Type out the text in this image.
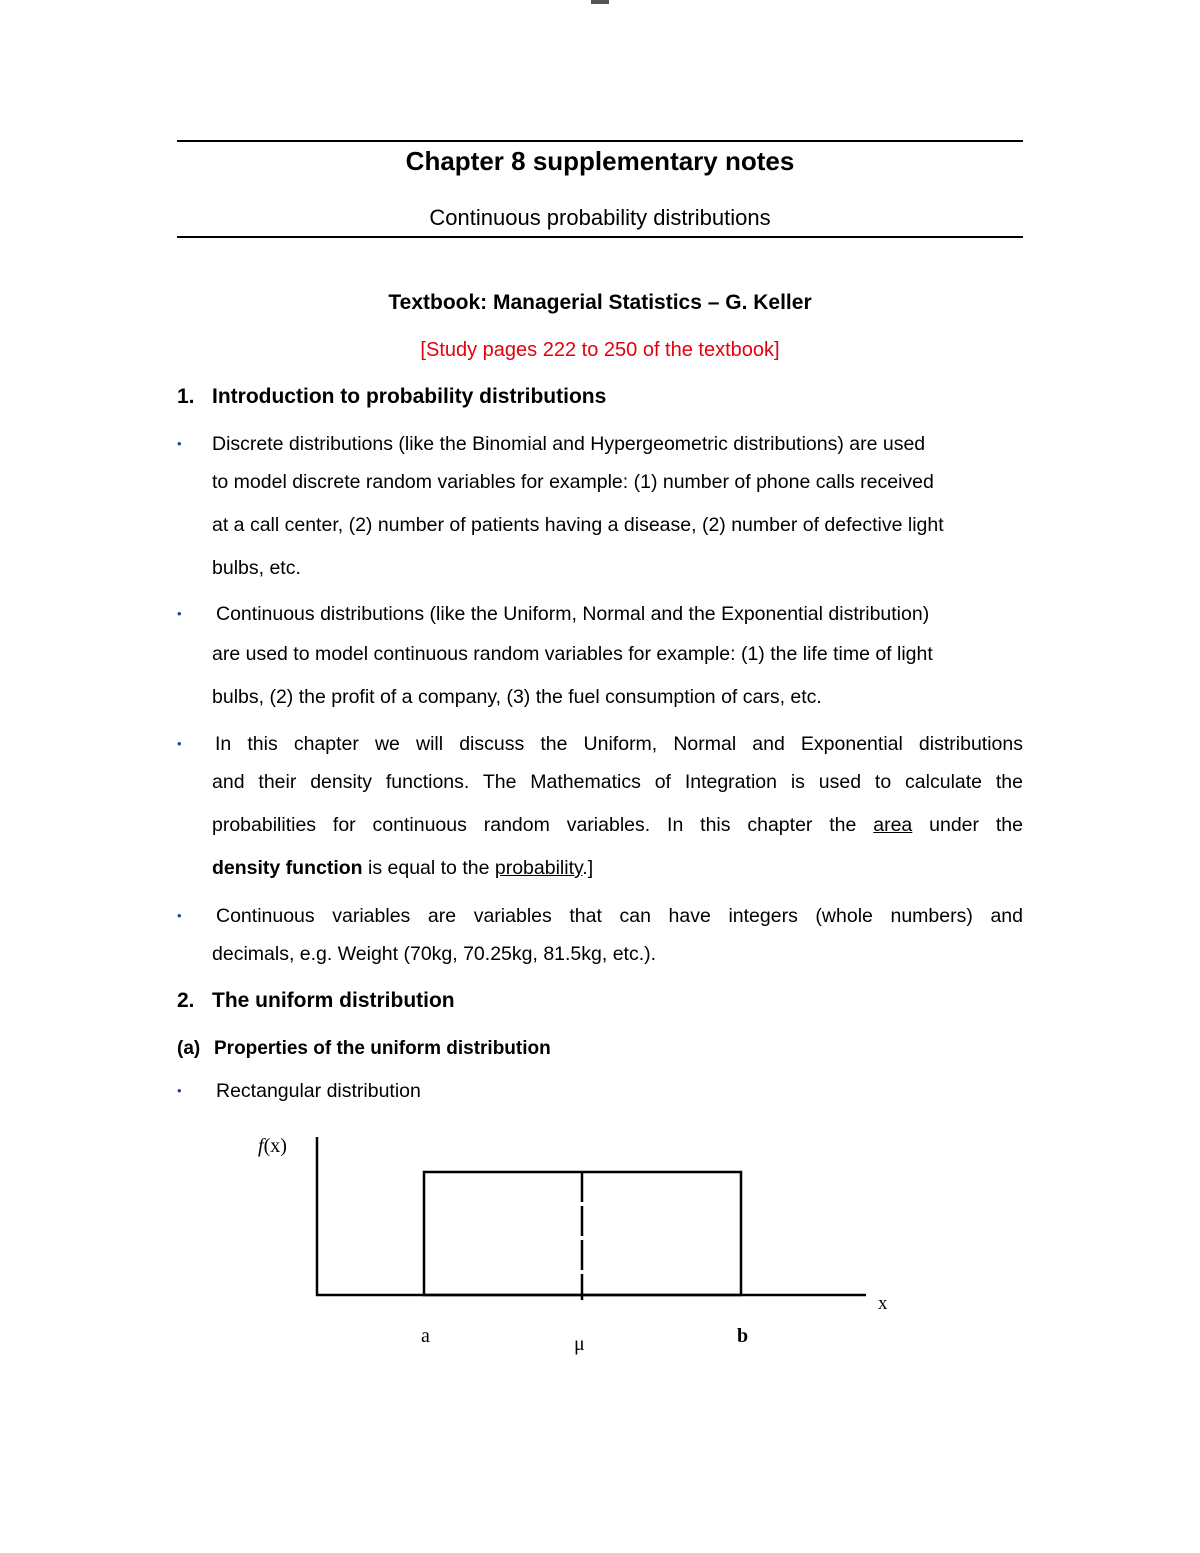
Chapter 8 supplementary notes
Continuous probability distributions
Textbook: Managerial Statistics – G. Keller
[Study pages 222 to 250 of the textbook]
1. Introduction to probability distributions
• Discrete distributions (like the Binomial and Hypergeometric distributions) are used
to model discrete random variables for example: (1) number of phone calls received
at a call center, (2) number of patients having a disease, (2) number of defective light
bulbs, etc.
• Continuous distributions (like the Uniform, Normal and the Exponential distribution)
are used to model continuous random variables for example: (1) the life time of light
bulbs, (2) the profit of a company, (3) the fuel consumption of cars, etc.
• In this chapter we will discuss the Uniform, Normal and Exponential distributions
and their density functions. The Mathematics of Integration is used to calculate the
probabilities for continuous random variables. In this chapter the area under the
density function is equal to the probability.]
• Continuous variables are variables that can have integers (whole numbers) and
decimals, e.g. Weight (70kg, 70.25kg, 81.5kg, etc.).
2. The uniform distribution
(a) Properties of the uniform distribution
• Rectangular distribution
f(x)
x
a	μ	b
